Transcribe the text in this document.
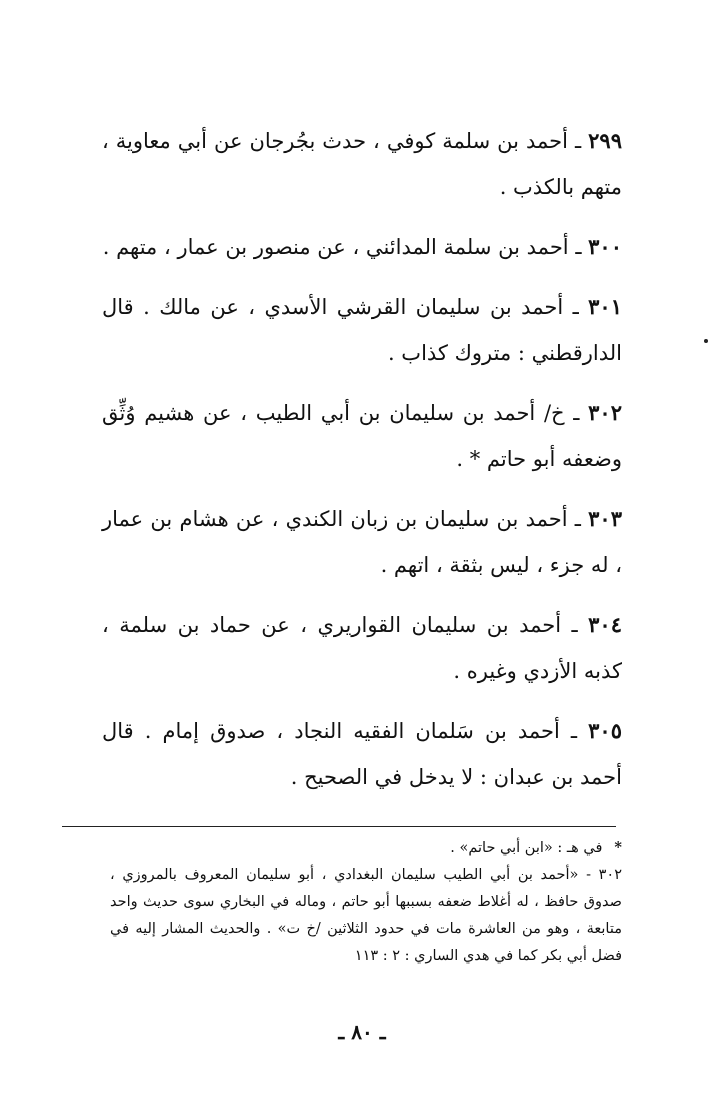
٢٩٩ ـ أحمد بن سلمة كوفي ، حدث بجُرجان عن أبي معاوية ، متهم بالكذب .

٣٠٠ ـ أحمد بن سلمة المدائني ، عن منصور بن عمار ، متهم .

٣٠١ ـ أحمد بن سليمان القرشي الأسدي ، عن مالك . قال الدارقطني : متروك كذاب .

٣٠٢ ـ خ/ أحمد بن سليمان بن أبي الطيب ، عن هشيم وُثِّق وضعفه أبو حاتم * .

٣٠٣ ـ أحمد بن سليمان بن زبان الكندي ، عن هشام بن عمار ، له جزء ، ليس بثقة ، اتهم .

٣٠٤ ـ أحمد بن سليمان القواريري ، عن حماد بن سلمة ، كذبه الأزدي وغيره .

٣٠٥ ـ أحمد بن سَلمان الفقيه النجاد ، صدوق إمام . قال أحمد بن عبدان : لا يدخل في الصحيح .

*في هـ : «ابن أبي حاتم» .

٣٠٢ - «أحمد بن أبي الطيب سليمان البغدادي ، أبو سليمان المعروف بالمروزي ، صدوق حافظ ، له أغلاط ضعفه بسببها أبو حاتم ، وماله في البخاري سوى حديث واحد متابعة ، وهو من العاشرة مات في حدود الثلاثين /خ ت» . والحديث المشار إليه في فضل أبي بكر كما في هدي الساري : ٢ : ١١٣

ـ ٨٠ ـ
